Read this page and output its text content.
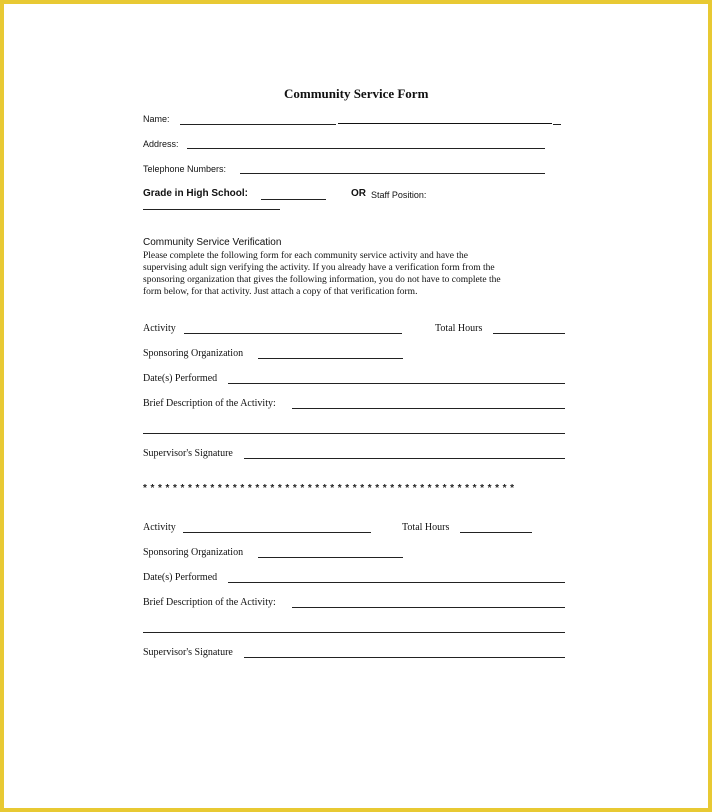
Community Service Form
Name:
Address:
Telephone Numbers:
Grade in High School:	OR Staff Position:
Community Service Verification
Please complete the following form for each community service activity and have the
supervising adult sign verifying the activity. If you already have a verification form from the
sponsoring organization that gives the following information, you do not have to complete the
form below, for that activity. Just attach a copy of that verification form.
Activity	Total Hours
Sponsoring Organization
Date(s) Performed
Brief Description of the Activity:
Supervisor's Signature
**************************************************
Activity	Total Hours
Sponsoring Organization
Date(s) Performed
Brief Description of the Activity:
Supervisor's Signature
